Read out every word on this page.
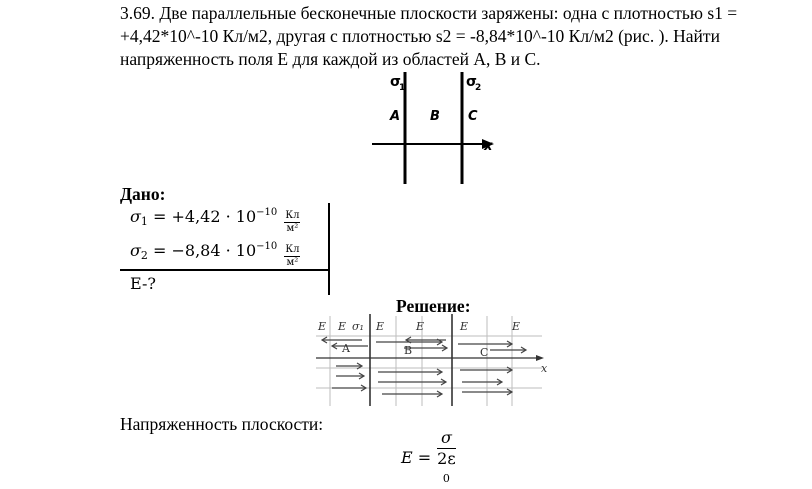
3.69. Две параллельные бесконечные плоскости заряжены: одна с плотностью s1 = +4,42*10^-10 Кл/м2, другая с плотностью s2 = -8,84*10^-10 Кл/м2 (рис. ). Найти напряженность поля E для каждой из областей A, B и C.

σ
1	σ
2
A B C
x
Дано:
$\sigma_1 = +4,42 \cdot 10^{-10} \frac{Кл}{\text{м²}}$
$\sigma_2 = -8,84 \cdot 10^{-10} \frac{Кл}{\text{м²}}$
E-?
Решение:
x
E E σ₁ E	E	E	E
A	B	C
Напряженность плоскости:
E = σ
2ε
0
